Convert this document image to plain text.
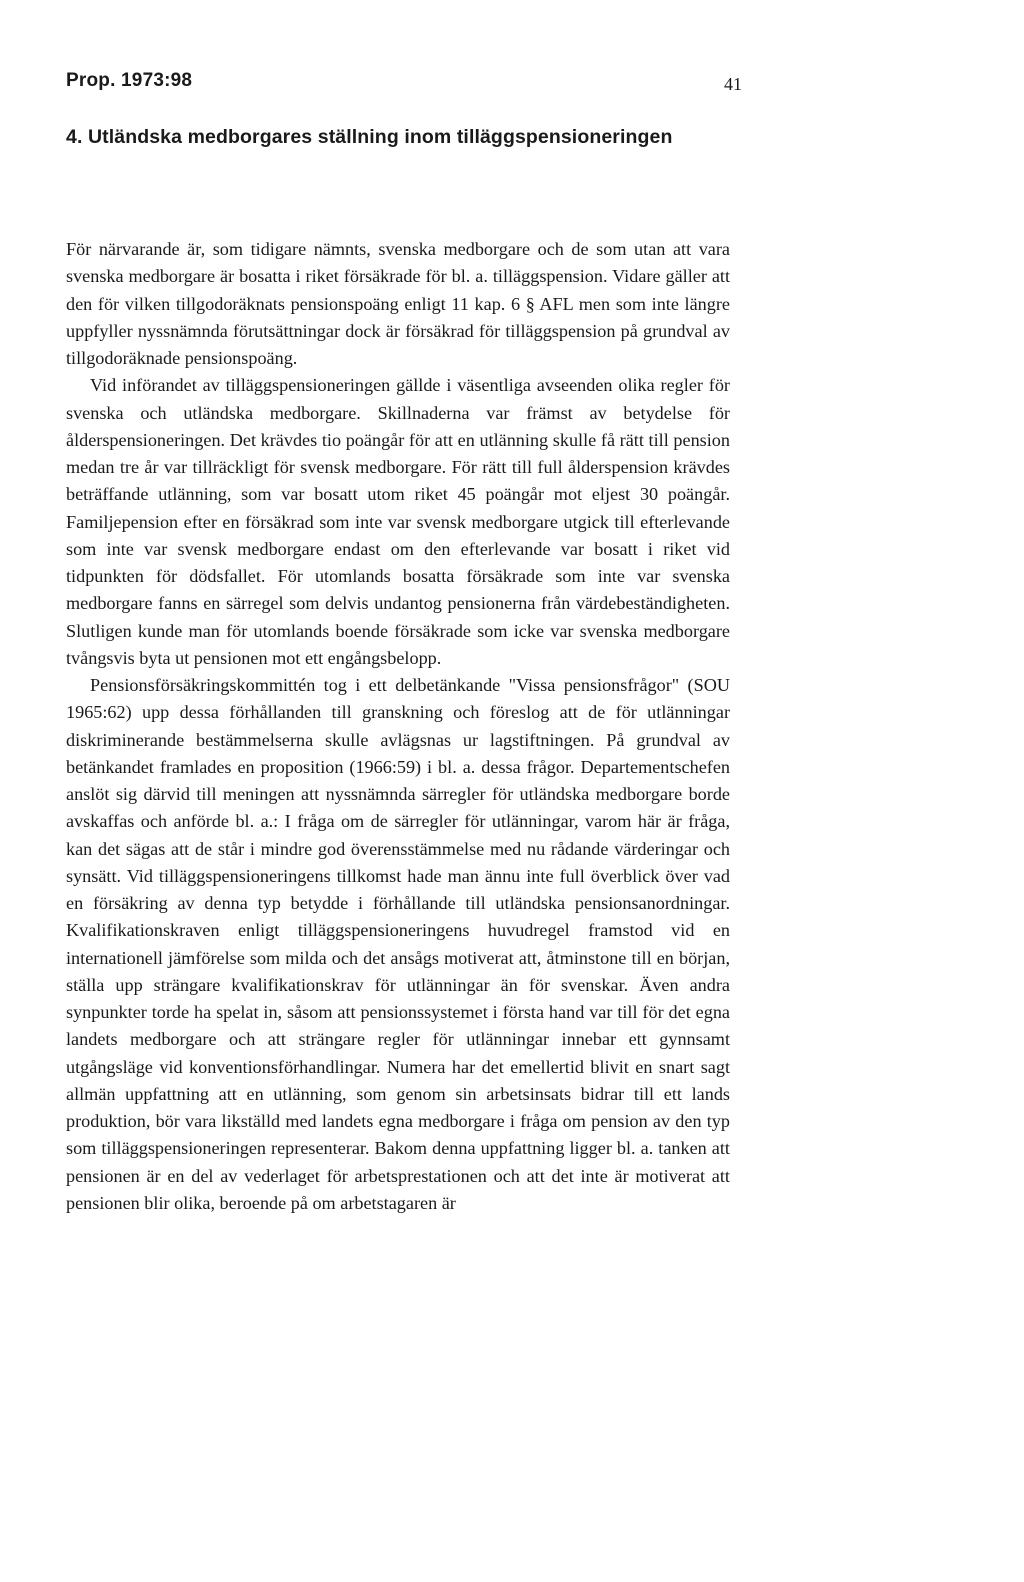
Prop. 1973:98	41
4. Utländska medborgares ställning inom tilläggspensioneringen

För närvarande är, som tidigare nämnts, svenska medborgare och de som utan att vara svenska medborgare är bosatta i riket försäkrade för bl. a. tilläggspension. Vidare gäller att den för vilken tillgodoräknats pensionspoäng enligt 11 kap. 6 § AFL men som inte längre uppfyller nyssnämnda förutsättningar dock är försäkrad för tilläggspension på grundval av tillgodoräknade pensionspoäng.

Vid införandet av tilläggspensioneringen gällde i väsentliga avseenden olika regler för svenska och utländska medborgare. Skillnaderna var främst av betydelse för ålderspensioneringen. Det krävdes tio poängår för att en utlänning skulle få rätt till pension medan tre år var tillräckligt för svensk medborgare. För rätt till full ålderspension krävdes beträffande utlänning, som var bosatt utom riket 45 poängår mot eljest 30 poängår. Familjepension efter en försäkrad som inte var svensk medborgare utgick till efterlevande som inte var svensk medborgare endast om den efterlevande var bosatt i riket vid tidpunkten för dödsfallet. För utomlands bosatta försäkrade som inte var svenska medborgare fanns en särregel som delvis undantog pensionerna från värdebeständigheten. Slutligen kunde man för utomlands boende försäkrade som icke var svenska medborgare tvångsvis byta ut pensionen mot ett engångsbelopp.

Pensionsförsäkringskommittén tog i ett delbetänkande "Vissa pensionsfrågor" (SOU 1965:62) upp dessa förhållanden till granskning och föreslog att de för utlänningar diskriminerande bestämmelserna skulle avlägsnas ur lagstiftningen. På grundval av betänkandet framlades en proposition (1966:59) i bl. a. dessa frågor. Departementschefen anslöt sig därvid till meningen att nyssnämnda särregler för utländska medborgare borde avskaffas och anförde bl. a.: I fråga om de särregler för utlänningar, varom här är fråga, kan det sägas att de står i mindre god överensstämmelse med nu rådande värderingar och synsätt. Vid tilläggspensioneringens tillkomst hade man ännu inte full överblick över vad en försäkring av denna typ betydde i förhållande till utländska pensionsanordningar. Kvalifikationskraven enligt tilläggspensioneringens huvudregel framstod vid en internationell jämförelse som milda och det ansågs motiverat att, åtminstone till en början, ställa upp strängare kvalifikationskrav för utlänningar än för svenskar. Även andra synpunkter torde ha spelat in, såsom att pensionssystemet i första hand var till för det egna landets medborgare och att strängare regler för utlänningar innebar ett gynnsamt utgångsläge vid konventionsförhandlingar. Numera har det emellertid blivit en snart sagt allmän uppfattning att en utlänning, som genom sin arbetsinsats bidrar till ett lands produktion, bör vara likställd med landets egna medborgare i fråga om pension av den typ som tilläggspensioneringen representerar. Bakom denna uppfattning ligger bl. a. tanken att pensionen är en del av vederlaget för arbetsprestationen och att det inte är motiverat att pensionen blir olika, beroende på om arbetstagaren är
